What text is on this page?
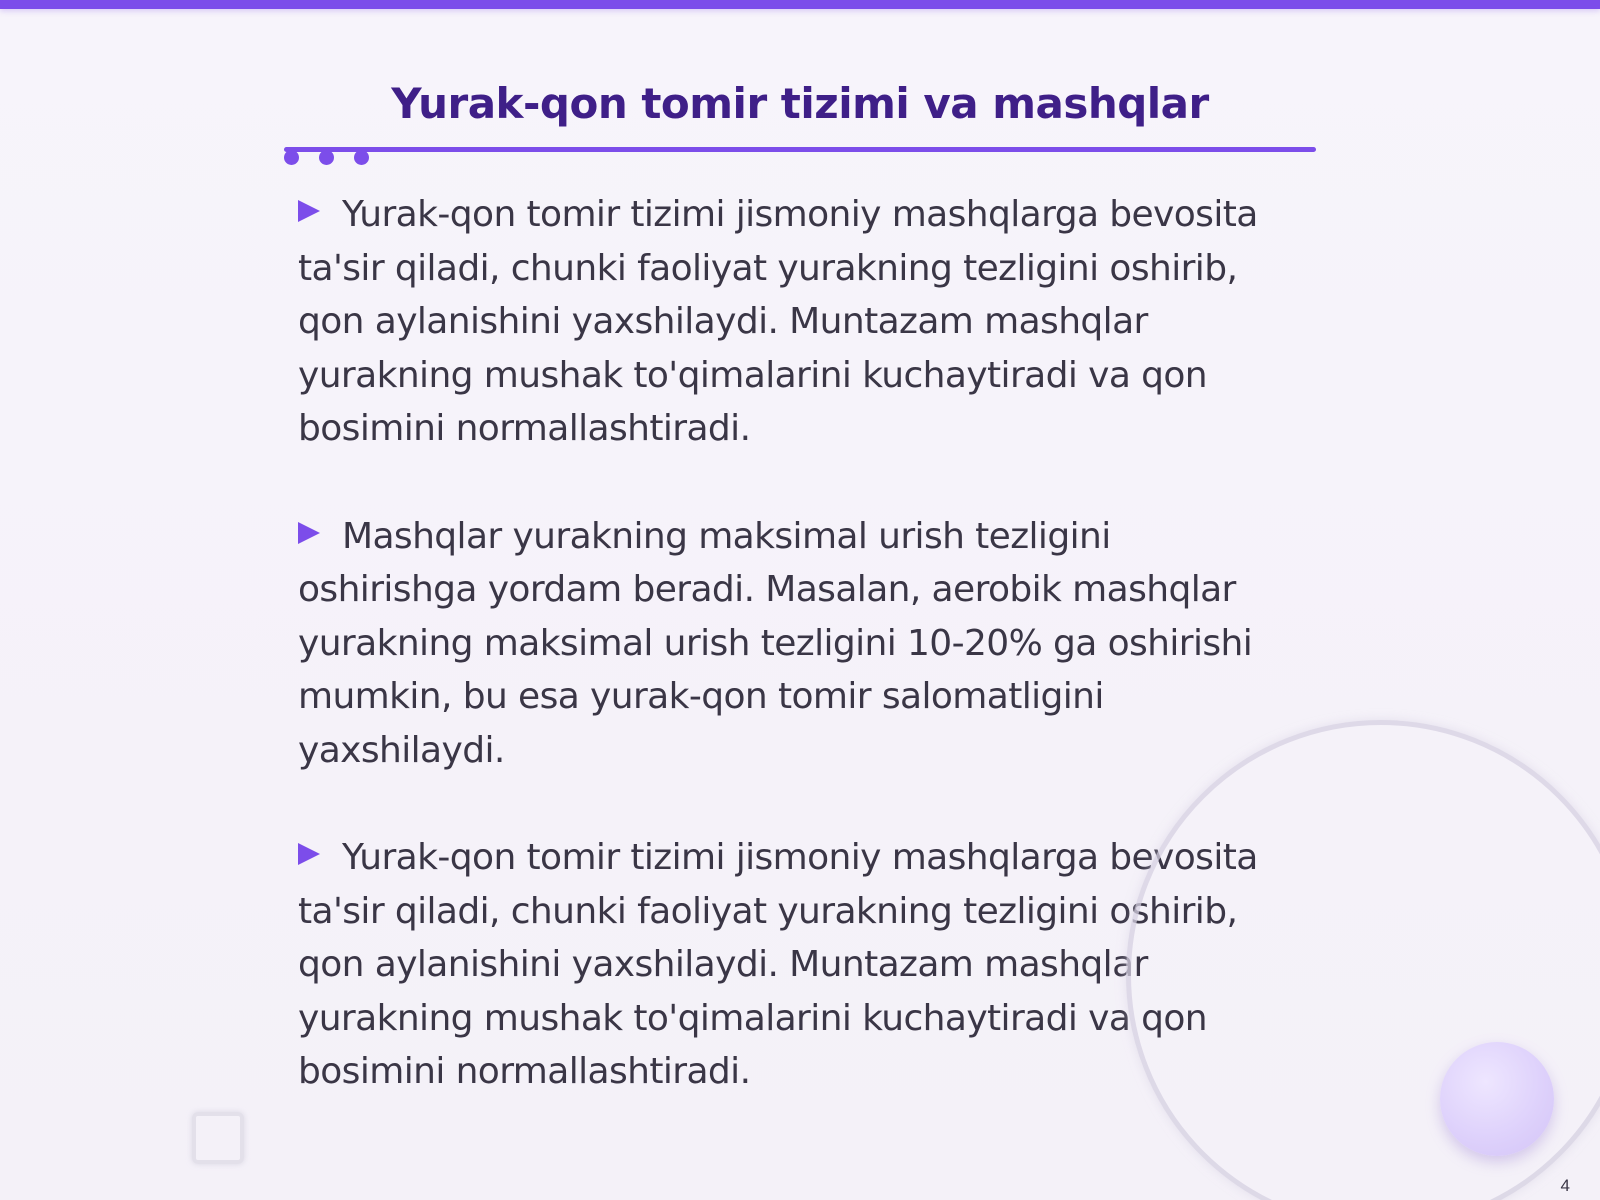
Yurak-qon tomir tizimi va mashqlar

Yurak-qon tomir tizimi jismoniy mashqlarga bevosita ta'sir qiladi, chunki faoliyat yurakning tezligini oshirib, qon aylanishini yaxshilaydi. Muntazam mashqlar yurakning mushak to'qimalarini kuchaytiradi va qon bosimini normallashtiradi.

Mashqlar yurakning maksimal urish tezligini oshirishga yordam beradi. Masalan, aerobik mashqlar yurakning maksimal urish tezligini 10-20% ga oshirishi mumkin, bu esa yurak-qon tomir salomatligini yaxshilaydi.

Yurak-qon tomir tizimi jismoniy mashqlarga bevosita ta'sir qiladi, chunki faoliyat yurakning tezligini oshirib, qon aylanishini yaxshilaydi. Muntazam mashqlar yurakning mushak to'qimalarini kuchaytiradi va qon bosimini normallashtiradi.

4
